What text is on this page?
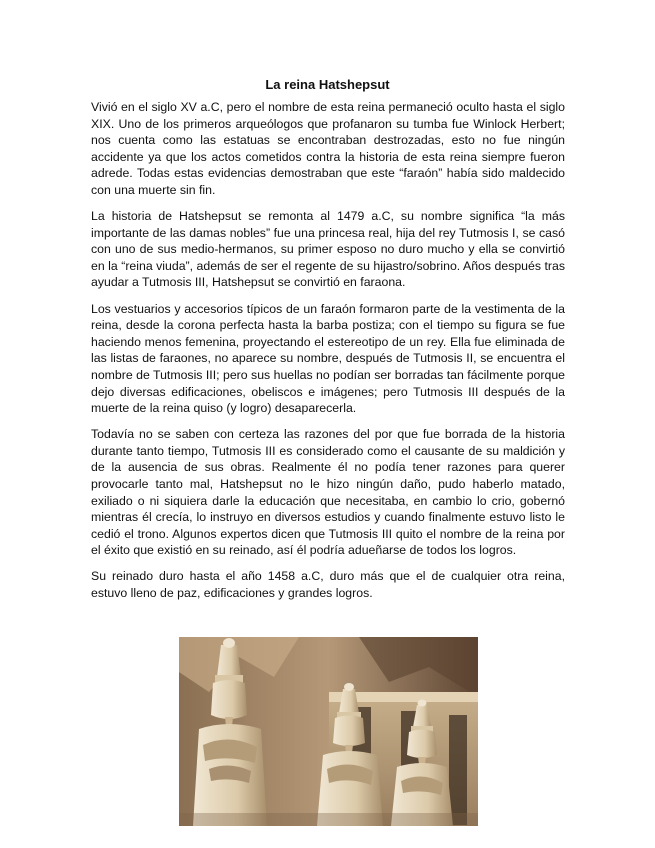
La reina Hatshepsut

Vivió en el siglo XV a.C, pero el nombre de esta reina permaneció oculto hasta el siglo XIX. Uno de los primeros arqueólogos que profanaron su tumba fue Winlock Herbert; nos cuenta como las estatuas se encontraban destrozadas, esto no fue ningún accidente ya que los actos cometidos contra la historia de esta reina siempre fueron adrede. Todas estas evidencias demostraban que este “faraón” había sido maldecido con una muerte sin fin.

La historia de Hatshepsut se remonta al 1479 a.C, su nombre significa “la más importante de las damas nobles” fue una princesa real, hija del rey Tutmosis I, se casó con uno de sus medio-hermanos, su primer esposo no duro mucho y ella se convirtió en la “reina viuda”, además de ser el regente de su hijastro/sobrino. Años después tras ayudar a Tutmosis III, Hatshepsut se convirtió en faraona.

Los vestuarios y accesorios típicos de un faraón formaron parte de la vestimenta de la reina, desde la corona perfecta hasta la barba postiza; con el tiempo su figura se fue haciendo menos femenina, proyectando el estereotipo de un rey. Ella fue eliminada de las listas de faraones, no aparece su nombre, después de Tutmosis II, se encuentra el nombre de Tutmosis III; pero sus huellas no podían ser borradas tan fácilmente porque dejo diversas edificaciones, obeliscos e imágenes; pero Tutmosis III después de la muerte de la reina quiso (y logro) desaparecerla.

Todavía no se saben con certeza las razones del por que fue borrada de la historia durante tanto tiempo, Tutmosis III es considerado como el causante de su maldición y de la ausencia de sus obras. Realmente él no podía tener razones para querer provocarle tanto mal, Hatshepsut no le hizo ningún daño, pudo haberlo matado, exiliado o ni siquiera darle la educación que necesitaba, en cambio lo crio, gobernó mientras él crecía, lo instruyo en diversos estudios y cuando finalmente estuvo listo le cedió el trono. Algunos expertos dicen que Tutmosis III quito el nombre de la reina por el éxito que existió en su reinado, así él podría adueñarse de todos los logros.

Su reinado duro hasta el año 1458 a.C, duro más que el de cualquier otra reina, estuvo lleno de paz, edificaciones y grandes logros.
